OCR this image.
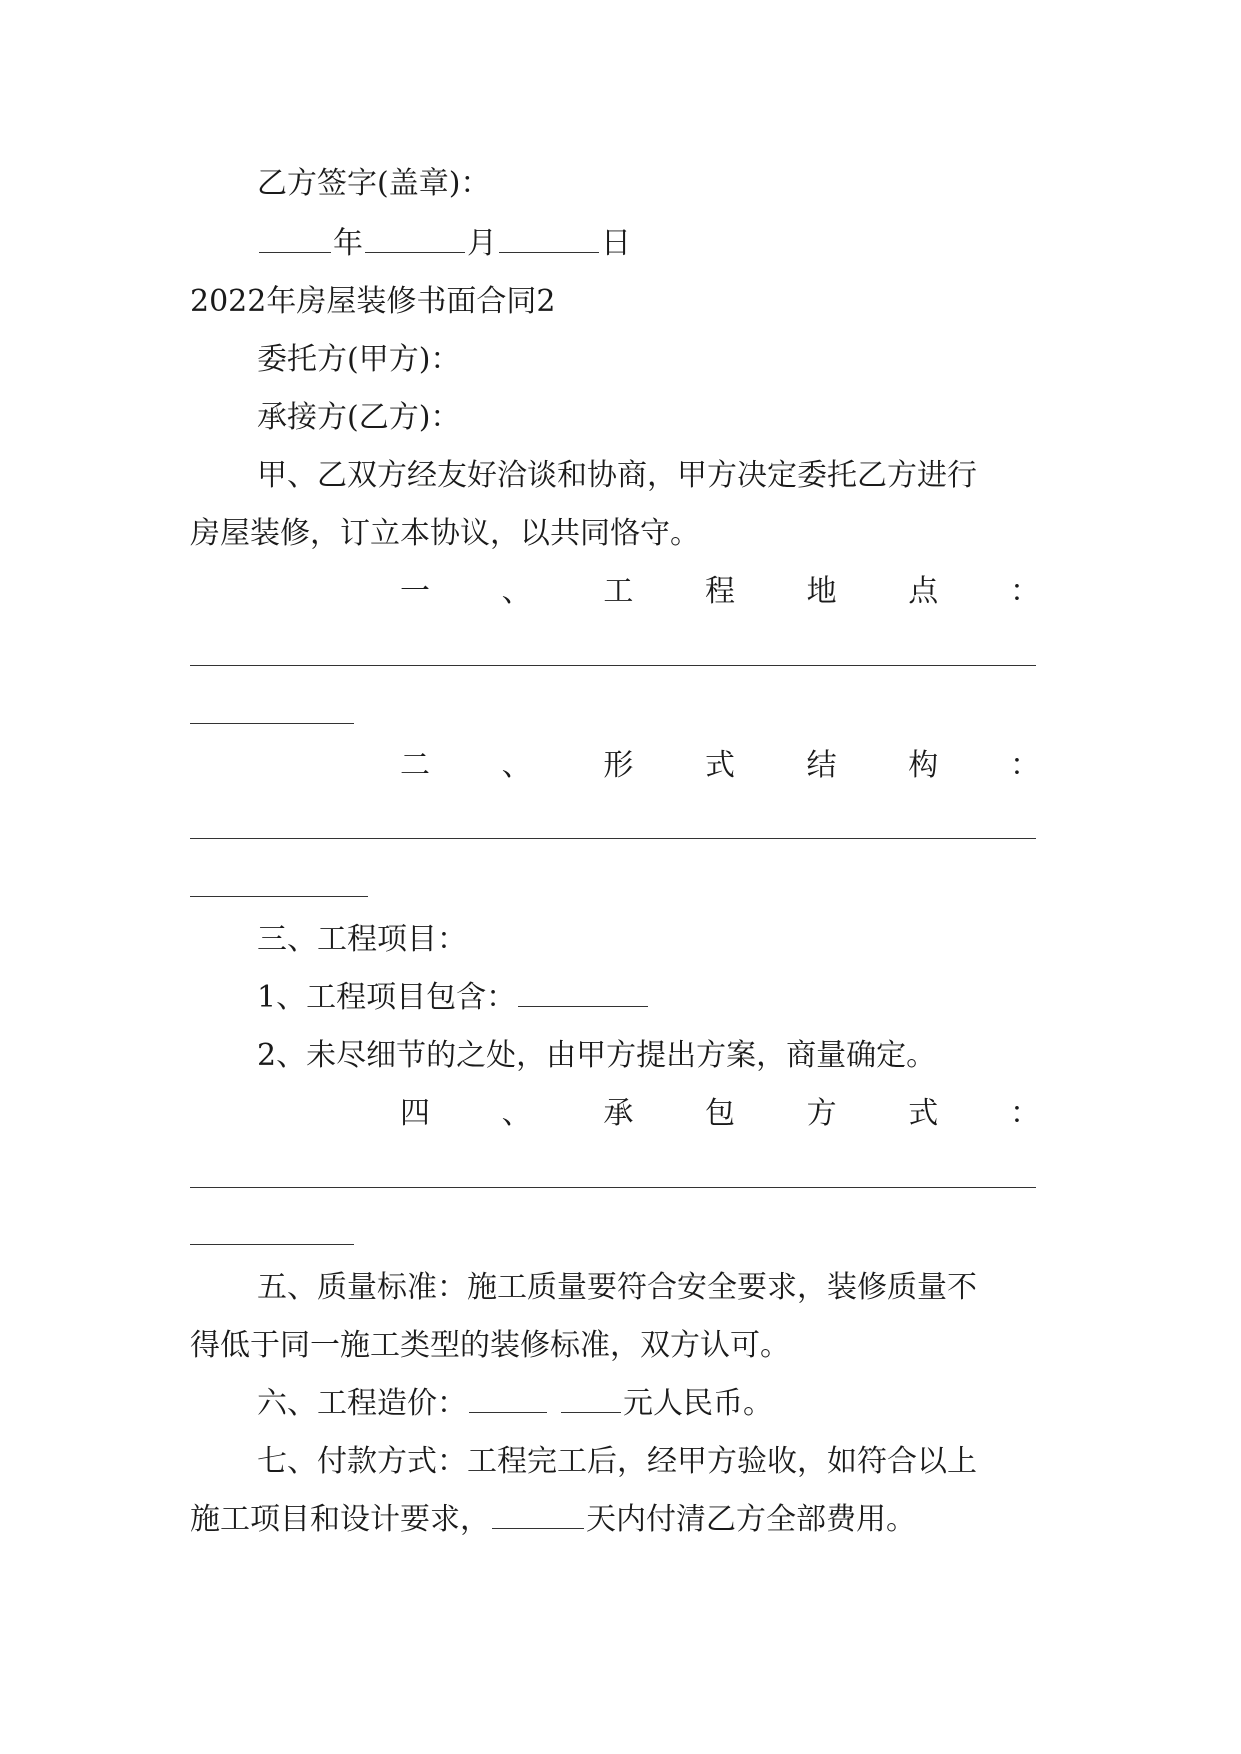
乙方签字(盖章)：
年	月	日
2022年房屋装修书面合同2
委托方(甲方)：
承接方(乙方)：
甲、乙双方经友好洽谈和协商，甲方决定委托乙方进行
房屋装修，订立本协议，以共同恪守。
一 、 工 程 地 点 ：
二 、 形 式 结 构 ：
三、工程项目：
1、工程项目包含：
2、未尽细节的之处，由甲方提出方案，商量确定。
四 、 承 包 方 式 ：
五、质量标准：施工质量要符合安全要求，装修质量不
得低于同一施工类型的装修标准，双方认可。
六、工程造价：	元人民币。
七、付款方式：工程完工后，经甲方验收，如符合以上
施工项目和设计要求，	天内付清乙方全部费用。
